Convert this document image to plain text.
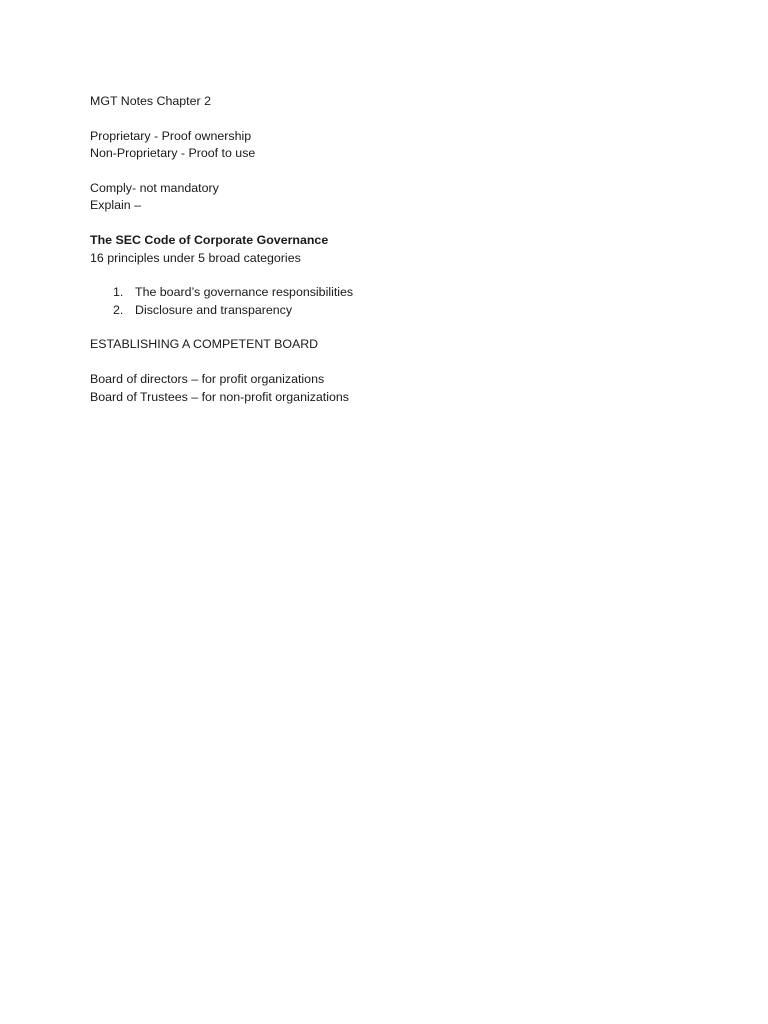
MGT Notes Chapter 2
Proprietary - Proof ownership
Non-Proprietary - Proof to use
Comply- not mandatory
Explain –
The SEC Code of Corporate Governance
16 principles under 5 broad categories
1. The board’s governance responsibilities
2. Disclosure and transparency
ESTABLISHING A COMPETENT BOARD
Board of directors – for profit organizations
Board of Trustees – for non-profit organizations
